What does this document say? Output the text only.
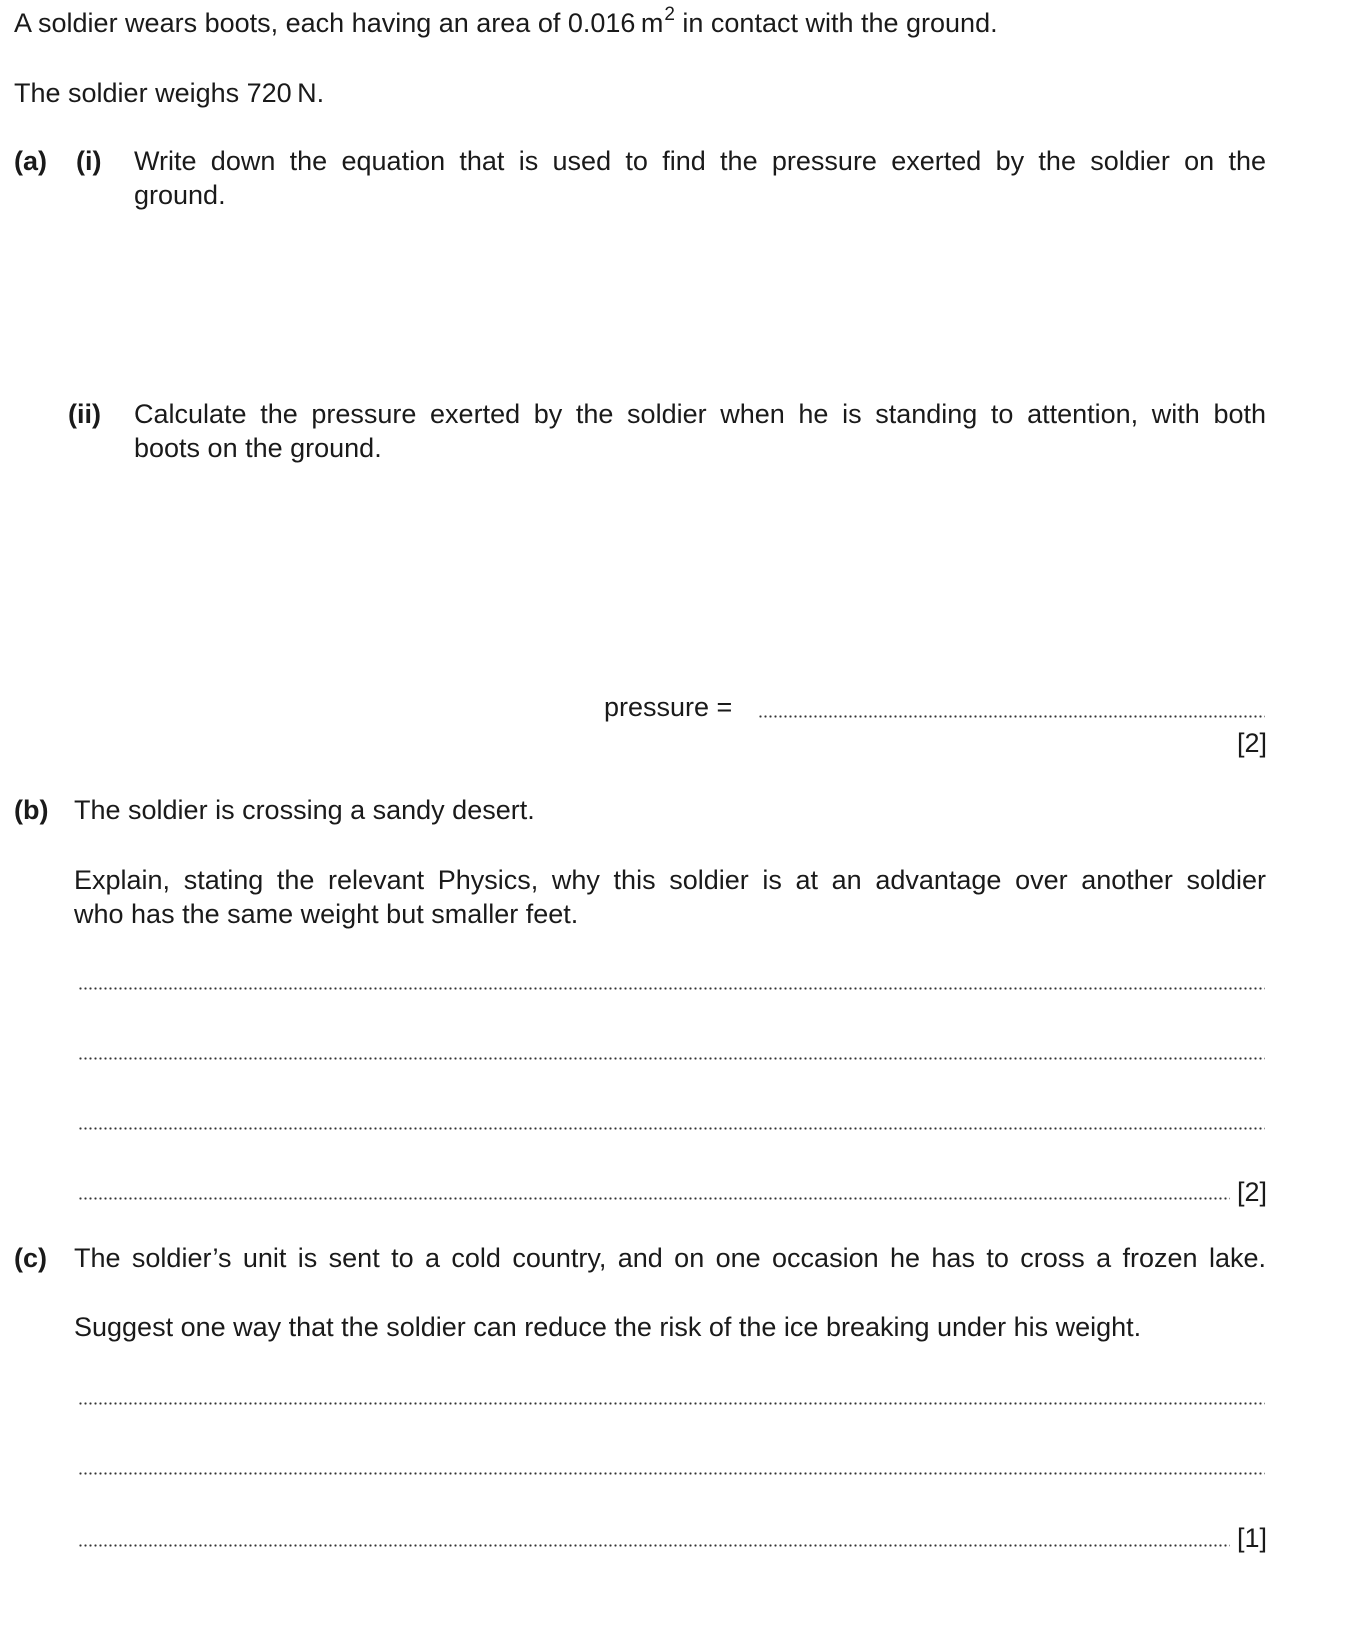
A soldier wears boots, each having an area of 0.016 $m^2$ in contact with the ground.
The soldier weighs 720 N.
(a) (i) Write down the equation that is used to find the pressure exerted by the soldier on the
ground.
(ii) Calculate the pressure exerted by the soldier when he is standing to attention, with both
boots on the ground.
pressure =
[2]
(b) The soldier is crossing a sandy desert.
Explain, stating the relevant Physics, why this soldier is at an advantage over another soldier
who has the same weight but smaller feet.
[2]
(c) The soldier’s unit is sent to a cold country, and on one occasion he has to cross a frozen lake.
Suggest one way that the soldier can reduce the risk of the ice breaking under his weight.
[1]
